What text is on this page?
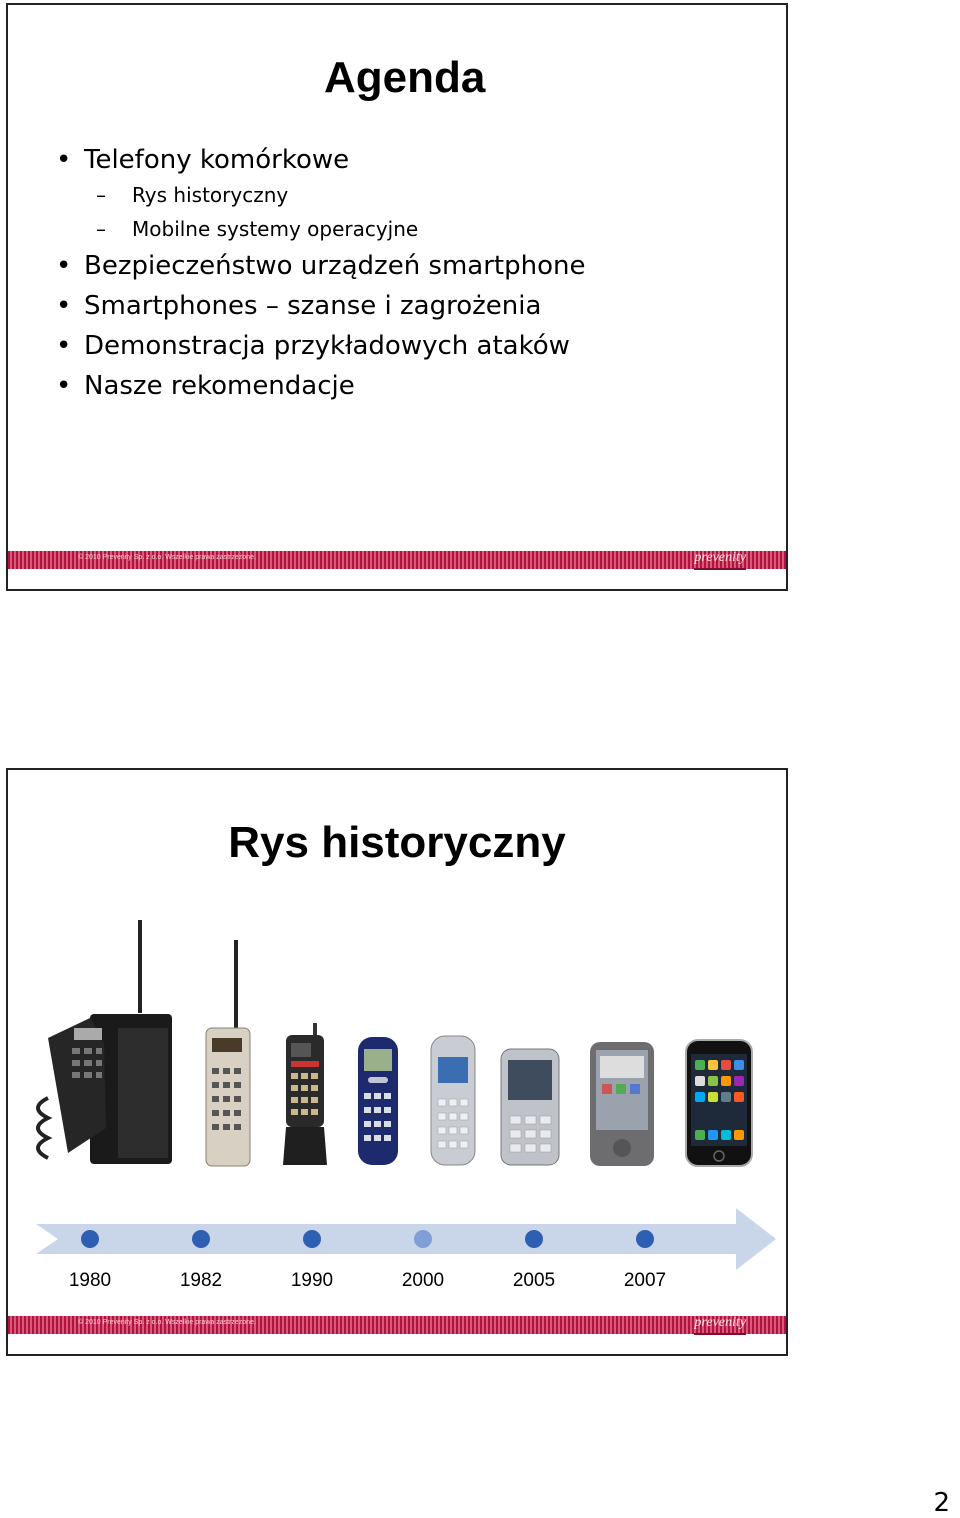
Agenda
• Telefony komórkowe
– Rys historyczny
– Mobilne systemy operacyjne
• Bezpieczeństwo urządzeń smartphone
• Smartphones – szanse i zagrożenia
• Demonstracja przykładowych ataków
• Nasze rekomendacje
© 2010 Prevenity Sp. z o.o. Wszelkie prawa zastrzeżone.	prevenity
Rys historyczny
1980	1982	1990	2000	2005	2007
© 2010 Prevenity Sp. z o.o. Wszelkie prawa zastrzeżone.	prevenity
2
